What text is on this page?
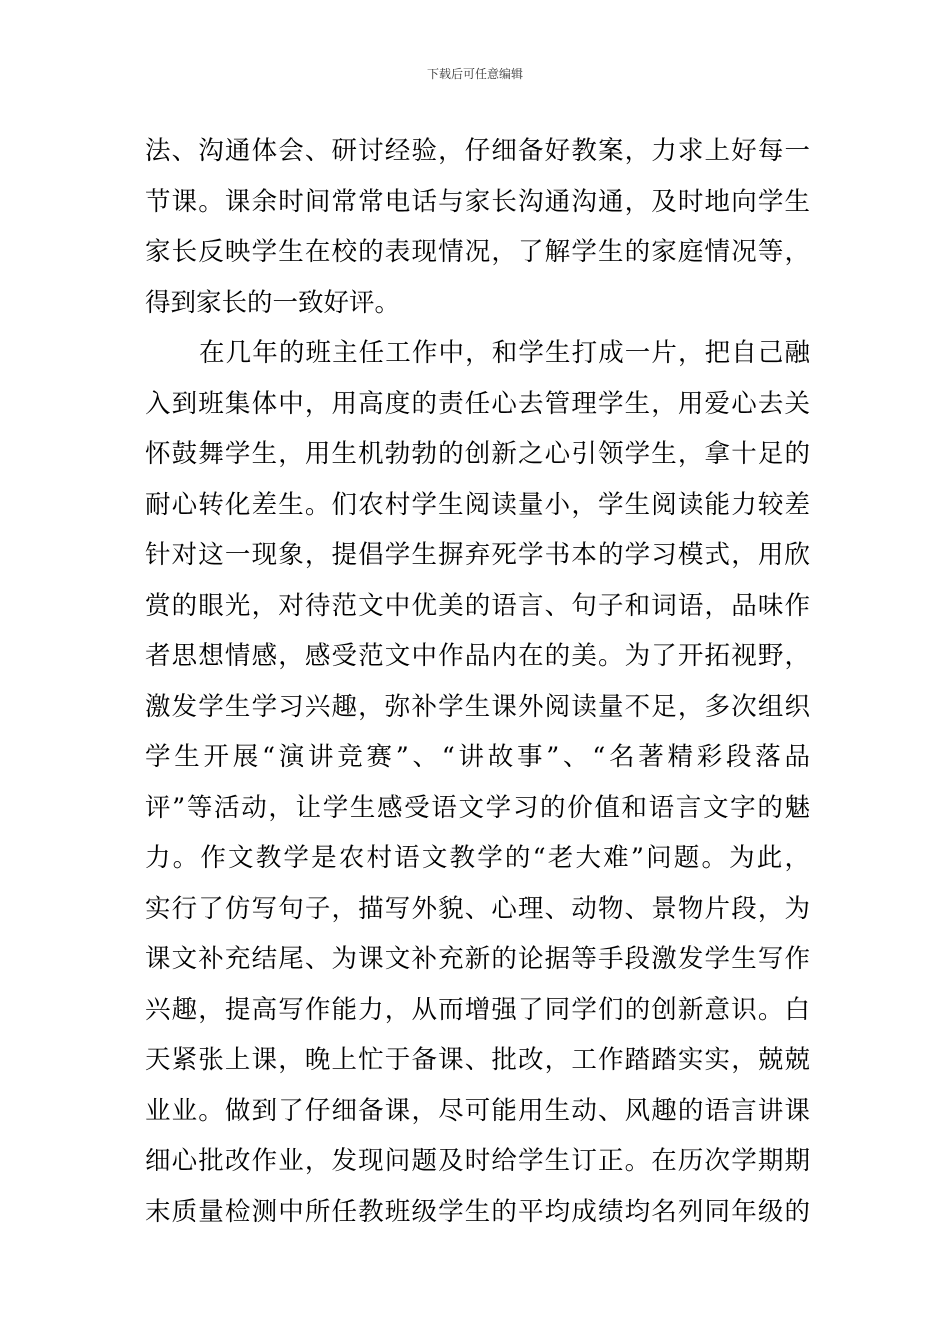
下载后可任意编辑
法、沟通体会、研讨经验，仔细备好教案，力求上好每一
节课。课余时间常常电话与家长沟通沟通，及时地向学生
家长反映学生在校的表现情况，了解学生的家庭情况等，
得到家长的一致好评。
在几年的班主任工作中，和学生打成一片，把自己融
入到班集体中，用高度的责任心去管理学生，用爱心去关
怀鼓舞学生，用生机勃勃的创新之心引领学生，拿十足的
耐心转化差生。们农村学生阅读量小，学生阅读能力较差
针对这一现象，提倡学生摒弃死学书本的学习模式，用欣
赏的眼光，对待范文中优美的语言、句子和词语，品味作
者思想情感，感受范文中作品内在的美。为了开拓视野，
激发学生学习兴趣，弥补学生课外阅读量不足，多次组织
学生开展“演讲竞赛”、“讲故事”、“名著精彩段落品
评”等活动，让学生感受语文学习的价值和语言文字的魅
力。作文教学是农村语文教学的“老大难”问题。为此，
实行了仿写句子，描写外貌、心理、动物、景物片段，为
课文补充结尾、为课文补充新的论据等手段激发学生写作
兴趣，提高写作能力，从而增强了同学们的创新意识。白
天紧张上课，晚上忙于备课、批改，工作踏踏实实，兢兢
业业。做到了仔细备课，尽可能用生动、风趣的语言讲课
细心批改作业，发现问题及时给学生订正。在历次学期期
末质量检测中所任教班级学生的平均成绩均名列同年级的
